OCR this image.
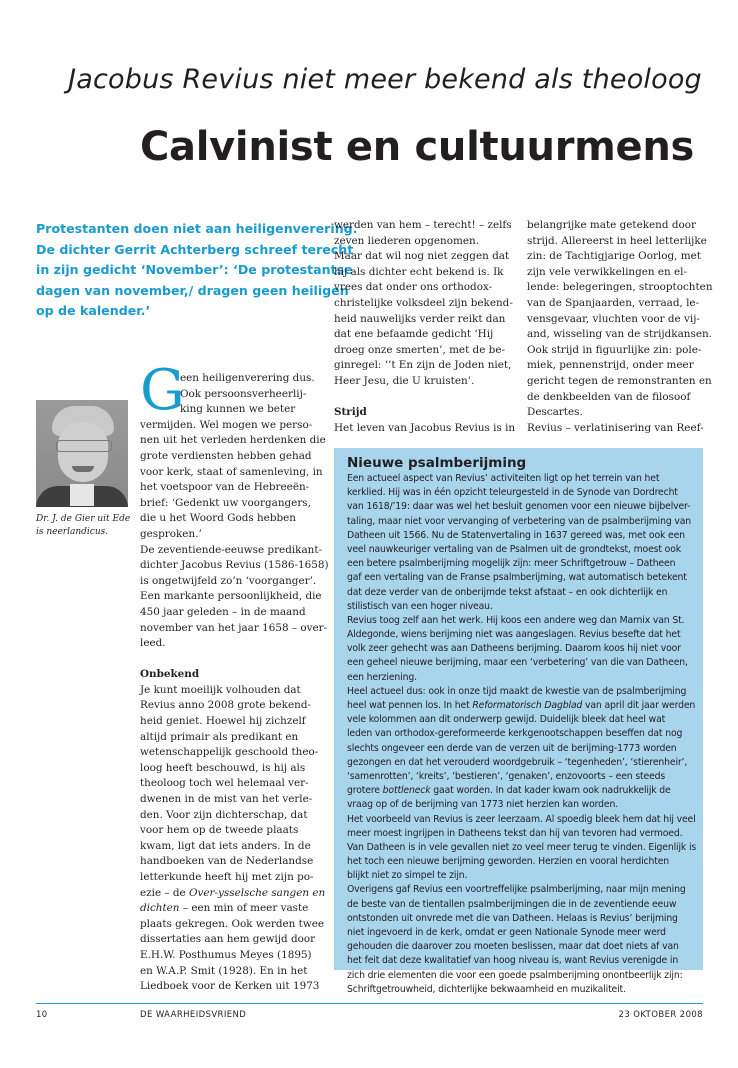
Jacobus Revius niet meer bekend als theoloog
Calvinist en cultuurmens
Protestanten doen niet aan heiligenverering.
De dichter Gerrit Achterberg schreef terecht
in zijn gedicht ‘November’: ‘De protestantse
dagen van november,/ dragen geen heiligen
op de kalender.’
Dr. J. de Gier uit Ede
is neerlandicus.
G
een heiligenverering dus.
Ook persoonsverheerlij-
king kunnen we beter
vermijden. Wel mogen we perso-
nen uit het verleden herdenken die
grote verdiensten hebben gehad
voor kerk, staat of samenleving, in
het voetspoor van de Hebreeën-
brief: ‘Gedenkt uw voorgangers,
die u het Woord Gods hebben
gesproken.’
De zeventiende-eeuwse predikant-
dichter Jacobus Revius (1586-1658)
is ongetwijfeld zo’n ‘voorganger’.
Een markante persoonlijkheid, die
450 jaar geleden – in de maand
november van het jaar 1658 – over-
leed.
Onbekend
Je kunt moeilijk volhouden dat
Revius anno 2008 grote bekend-
heid geniet. Hoewel hij zichzelf
altijd primair als predikant en
wetenschappelijk geschoold theo-
loog heeft beschouwd, is hij als
theoloog toch wel helemaal ver-
dwenen in de mist van het verle-
den. Voor zijn dichterschap, dat
voor hem op de tweede plaats
kwam, ligt dat iets anders. In de
handboeken van de Nederlandse
letterkunde heeft hij met zijn po-
ezie – de Over-ysselsche sangen en
dichten – een min of meer vaste
plaats gekregen. Ook werden twee
dissertaties aan hem gewijd door
E.H.W. Posthumus Meyes (1895)
en W.A.P. Smit (1928). En in het
Liedboek voor de Kerken uit 1973
werden van hem – terecht! – zelfs
zeven liederen opgenomen.
Maar dat wil nog niet zeggen dat
hij als dichter echt bekend is. Ik
vrees dat onder ons orthodox-
christelijke volksdeel zijn bekend-
heid nauwelijks verder reikt dan
dat ene befaamde gedicht ‘Hij
droeg onze smerten’, met de be-
ginregel: ‘’t En zijn de Joden niet,
Heer Jesu, die U kruisten’.
Strijd
Het leven van Jacobus Revius is in
belangrijke mate getekend door
strijd. Allereerst in heel letterlijke
zin: de Tachtigjarige Oorlog, met
zijn vele verwikkelingen en el-
lende: belegeringen, strooptochten
van de Spanjaarden, verraad, le-
vensgevaar, vluchten voor de vij-
and, wisseling van de strijdkansen.
Ook strijd in figuurlijke zin: pole-
miek, pennenstrijd, onder meer
gericht tegen de remonstranten en
de denkbeelden van de filosoof
Descartes.
Revius – verlatinisering van Reef-
Nieuwe psalmberijming
Een actueel aspect van Revius’ activiteiten ligt op het terrein van het
kerklied. Hij was in één opzicht teleurgesteld in de Synode van Dordrecht
van 1618/’19: daar was wel het besluit genomen voor een nieuwe bijbelver-
taling, maar niet voor vervanging of verbetering van de psalmberijming van
Datheen uit 1566. Nu de Statenvertaling in 1637 gereed was, met ook een
veel nauwkeuriger vertaling van de Psalmen uit de grondtekst, moest ook
een betere psalmberijming mogelijk zijn: meer Schriftgetrouw – Datheen
gaf een vertaling van de Franse psalmberijming, wat automatisch betekent
dat deze verder van de onberijmde tekst afstaat – en ook dichterlijk en
stilistisch van een hoger niveau.
Revius toog zelf aan het werk. Hij koos een andere weg dan Marnix van St.
Aldegonde, wiens berijming niet was aangeslagen. Revius besefte dat het
volk zeer gehecht was aan Datheens berijming. Daarom koos hij niet voor
een geheel nieuwe berijming, maar een ‘verbetering’ van die van Datheen,
een herziening.
Heel actueel dus: ook in onze tijd maakt de kwestie van de psalmberijming
heel wat pennen los. In het Reformatorisch Dagblad van april dit jaar werden
vele kolommen aan dit onderwerp gewijd. Duidelijk bleek dat heel wat
leden van orthodox-gereformeerde kerkgenootschappen beseffen dat nog
slechts ongeveer een derde van de verzen uit de berijming-1773 worden
gezongen en dat het verouderd woordgebruik – ‘tegenheden’, ‘stierenheir’,
‘samenrotten’, ‘kreits’, ‘bestieren’, ‘genaken’, enzovoorts – een steeds
grotere bottleneck gaat worden. In dat kader kwam ook nadrukkelijk de
vraag op of de berijming van 1773 niet herzien kan worden.
Het voorbeeld van Revius is zeer leerzaam. Al spoedig bleek hem dat hij veel
meer moest ingrijpen in Datheens tekst dan hij van tevoren had vermoed.
Van Datheen is in vele gevallen niet zo veel meer terug te vinden. Eigenlijk is
het toch een nieuwe berijming geworden. Herzien en vooral herdichten
blijkt niet zo simpel te zijn.
Overigens gaf Revius een voortreffelijke psalmberijming, naar mijn mening
de beste van de tientallen psalmberijmingen die in de zeventiende eeuw
ontstonden uit onvrede met die van Datheen. Helaas is Revius’ berijming
niet ingevoerd in de kerk, omdat er geen Nationale Synode meer werd
gehouden die daarover zou moeten beslissen, maar dat doet niets af van
het feit dat deze kwalitatief van hoog niveau is, want Revius verenigde in
zich drie elementen die voor een goede psalmberijming onontbeerlijk zijn:
Schriftgetrouwheid, dichterlijke bekwaamheid en muzikaliteit.
10	DE WAARHEIDSVRIEND	23 OKTOBER 2008
